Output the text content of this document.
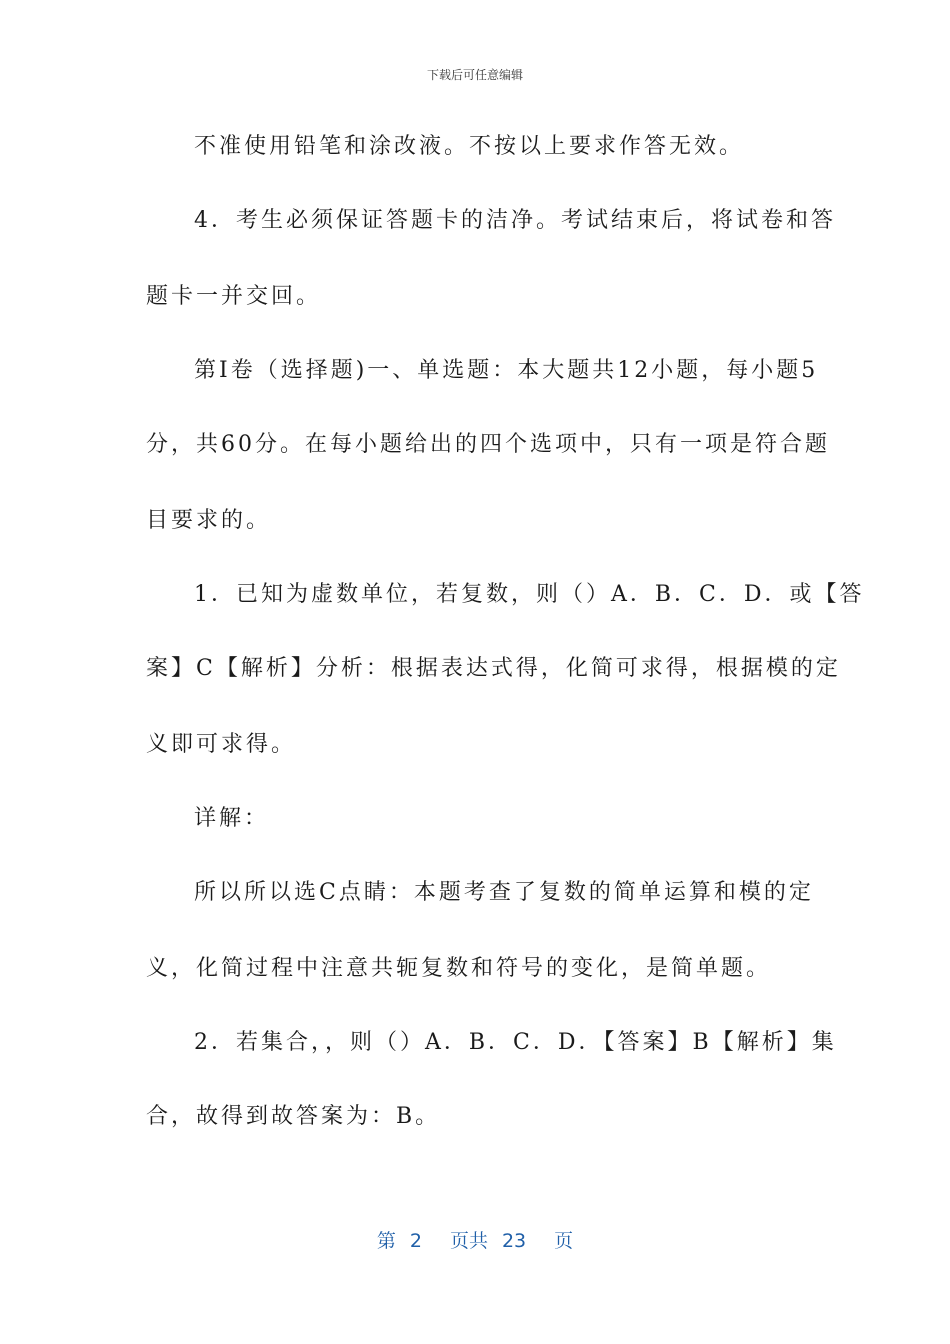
下载后可任意编辑
不准使用铅笔和涂改液。不按以上要求作答无效。
4．考生必须保证答题卡的洁净。考试结束后，将试卷和答
题卡一并交回。
第Ⅰ卷（选择题)一、单选题：本大题共12小题，每小题5
分，共60分。在每小题给出的四个选项中，只有一项是符合题
目要求的。
1．已知为虚数单位，若复数，则（）A．B．C．D．或【答
案】C【解析】分析：根据表达式得，化简可求得，根据模的定
义即可求得。
详解：
所以所以选C点睛：本题考查了复数的简单运算和模的定
义，化简过程中注意共轭复数和符号的变化，是简单题。
2．若集合，，则（）A．B．C．D．【答案】B【解析】集
合，故得到故答案为：B。
第 2 页共 23 页
